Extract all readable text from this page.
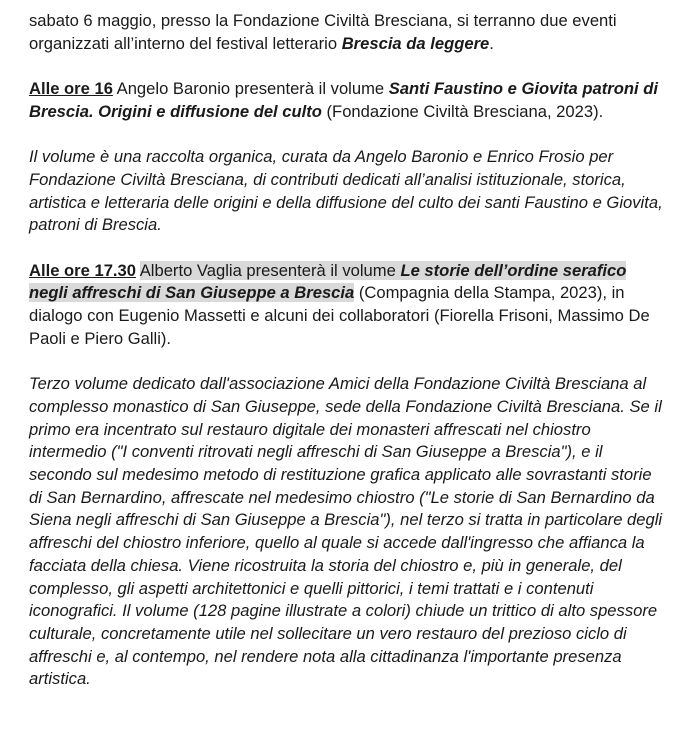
sabato 6 maggio, presso la Fondazione Civiltà Bresciana, si terranno due eventi organizzati all’interno del festival letterario Brescia da leggere.

Alle ore 16 Angelo Baronio presenterà il volume Santi Faustino e Giovita patroni di Brescia. Origini e diffusione del culto (Fondazione Civiltà Bresciana, 2023).

Il volume è una raccolta organica, curata da Angelo Baronio e Enrico Frosio per Fondazione Civiltà Bresciana, di contributi dedicati all’analisi istituzionale, storica, artistica e letteraria delle origini e della diffusione del culto dei santi Faustino e Giovita, patroni di Brescia.

Alle ore 17.30 Alberto Vaglia presenterà il volume Le storie dell’ordine serafico negli affreschi di San Giuseppe a Brescia (Compagnia della Stampa, 2023), in dialogo con Eugenio Massetti e alcuni dei collaboratori (Fiorella Frisoni, Massimo De Paoli e Piero Galli).

Terzo volume dedicato dall'associazione Amici della Fondazione Civiltà Bresciana al complesso monastico di San Giuseppe, sede della Fondazione Civiltà Bresciana. Se il primo era incentrato sul restauro digitale dei monasteri affrescati nel chiostro intermedio ("I conventi ritrovati negli affreschi di San Giuseppe a Brescia"), e il secondo sul medesimo metodo di restituzione grafica applicato alle sovrastanti storie di San Bernardino, affrescate nel medesimo chiostro ("Le storie di San Bernardino da Siena negli affreschi di San Giuseppe a Brescia"), nel terzo si tratta in particolare degli affreschi del chiostro inferiore, quello al quale si accede dall'ingresso che affianca la facciata della chiesa. Viene ricostruita la storia del chiostro e, più in generale, del complesso, gli aspetti architettonici e quelli pittorici, i temi trattati e i contenuti iconografici. Il volume (128 pagine illustrate a colori) chiude un trittico di alto spessore culturale, concretamente utile nel sollecitare un vero restauro del prezioso ciclo di affreschi e, al contempo, nel rendere nota alla cittadinanza l'importante presenza artistica.
